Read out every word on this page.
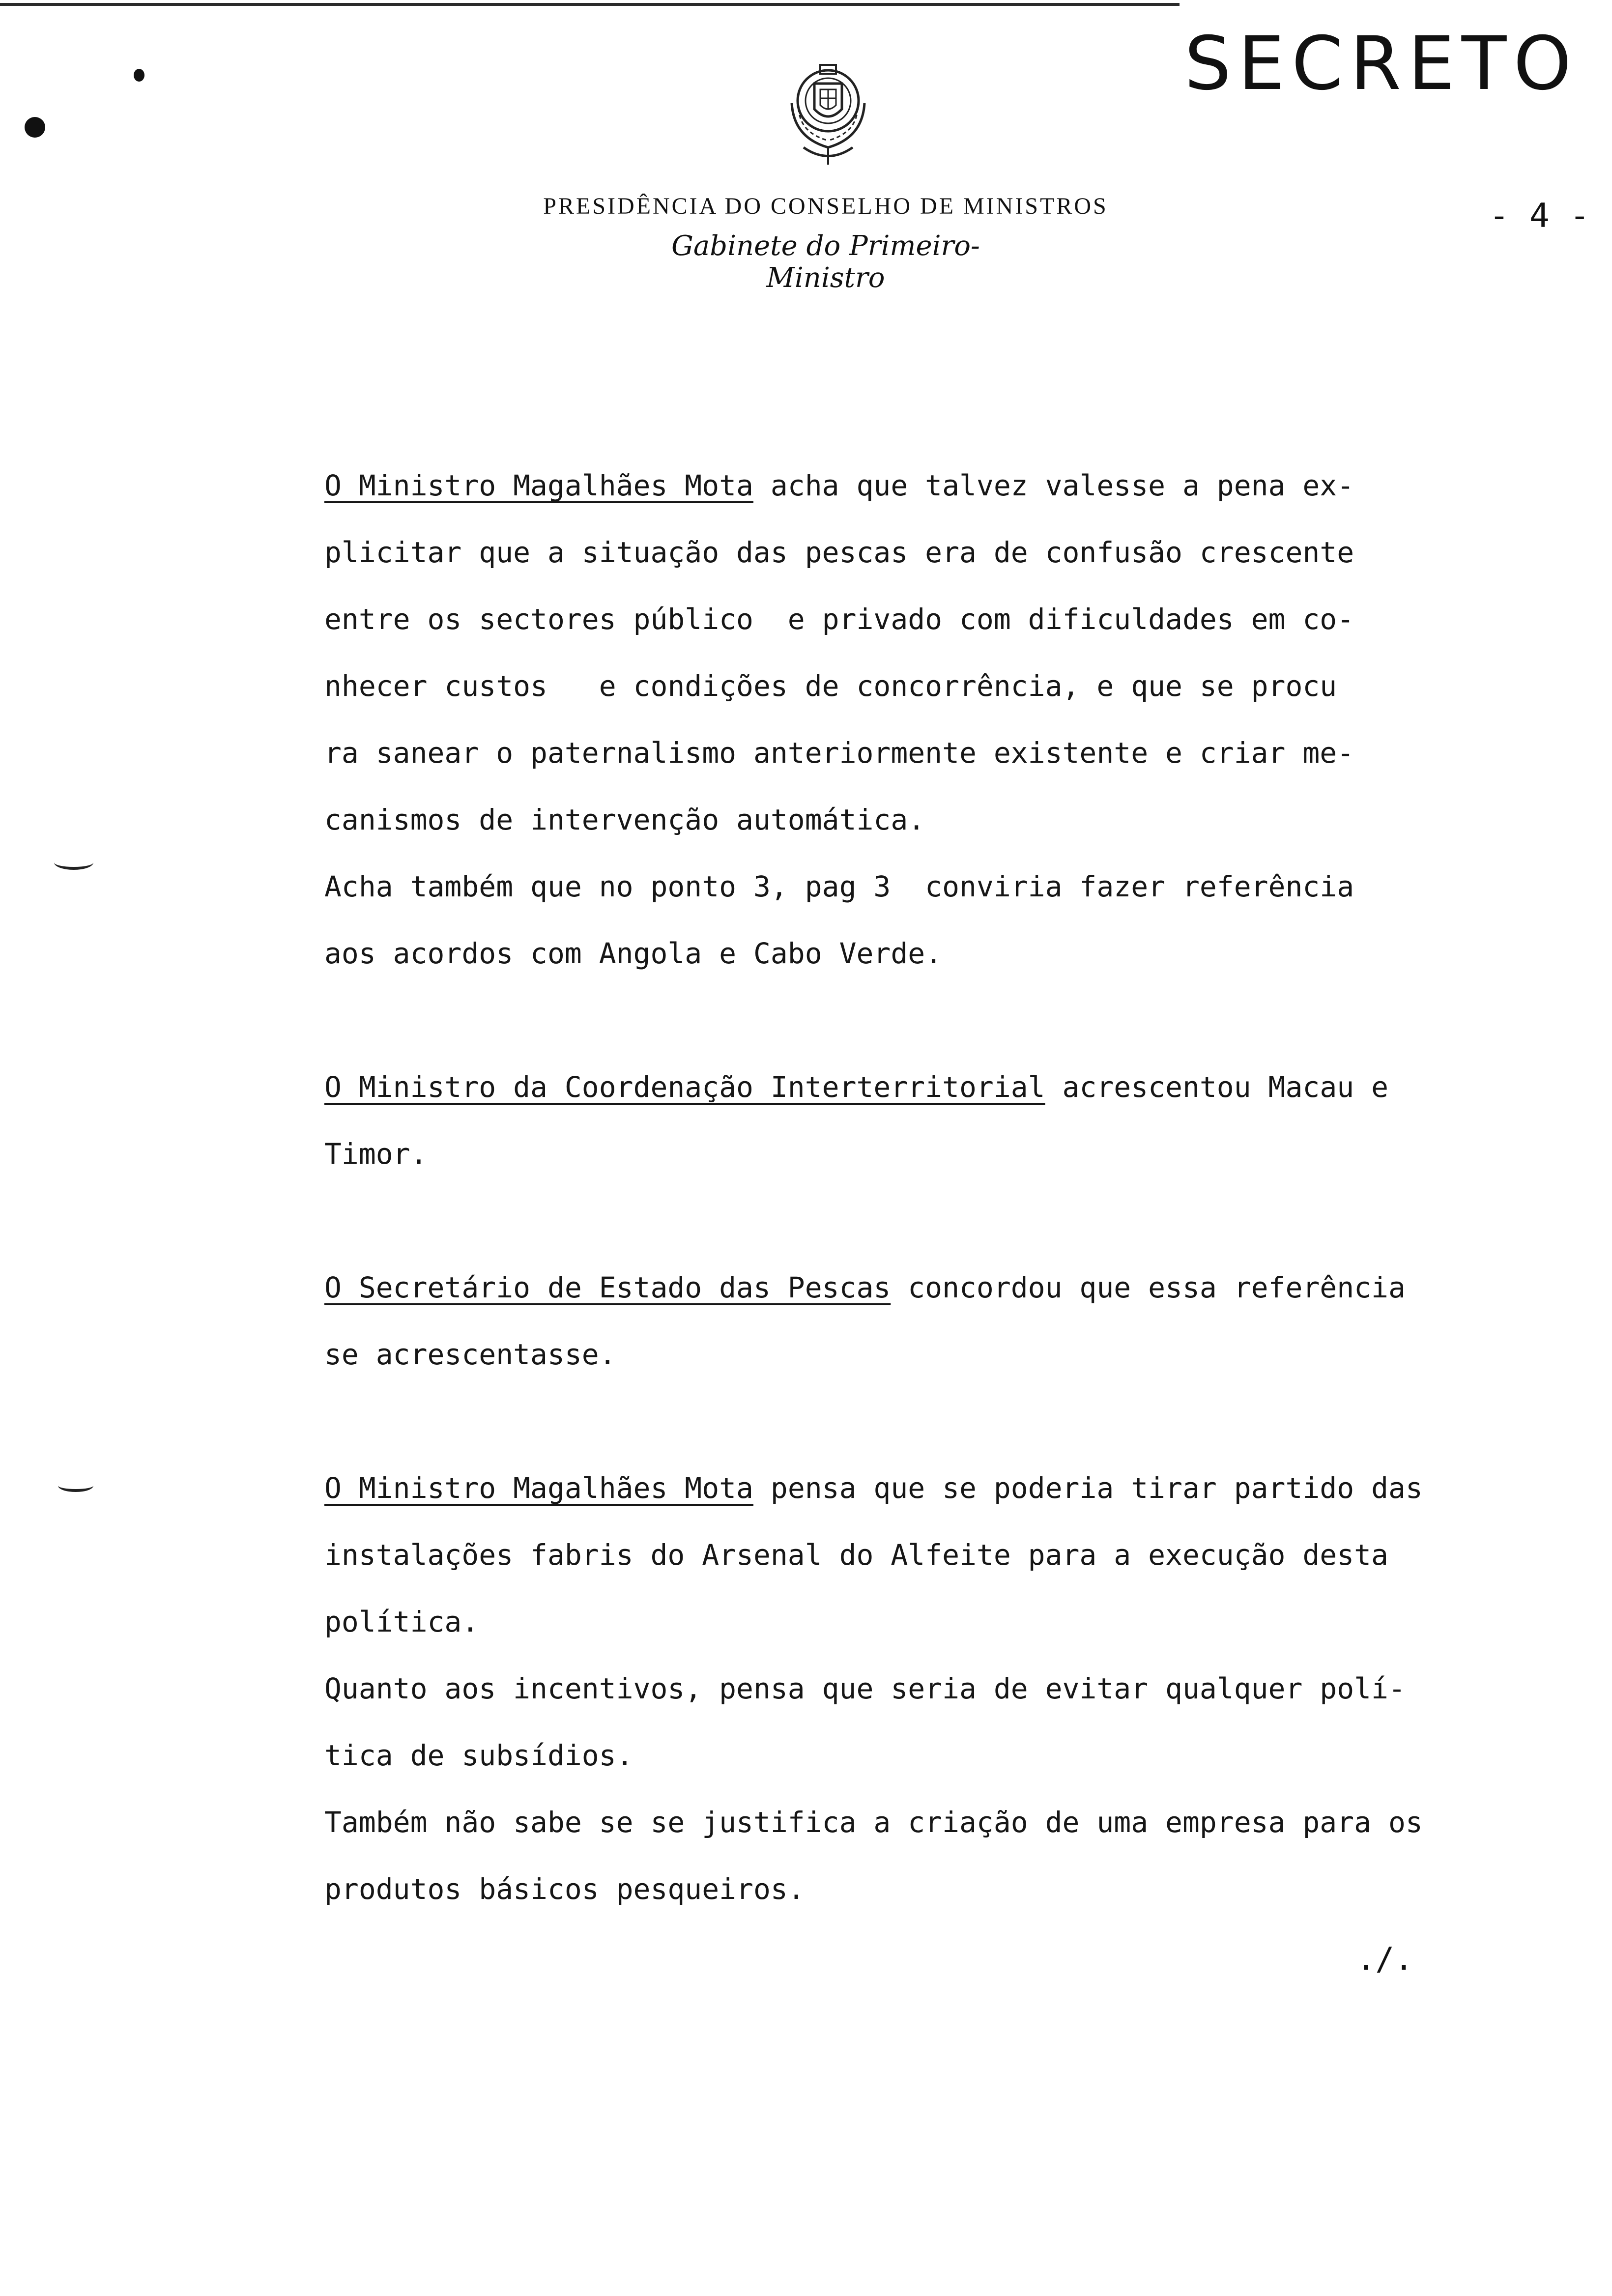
SECRETO
- 4 -
PRESIDÊNCIA DO CONSELHO DE MINISTROS
Gabinete do Primeiro-Ministro

O Ministro Magalhães Mota acha que talvez valesse a pena ex-

plicitar que a situação das pescas era de confusão crescente

entre os sectores público  e privado com dificuldades em co-

nhecer custos   e condições de concorrência, e que se procu

ra sanear o paternalismo anteriormente existente e criar me-

canismos de intervenção automática.

Acha também que no ponto 3, pag 3  conviria fazer referência

aos acordos com Angola e Cabo Verde.

O Ministro da Coordenação Interterritorial acrescentou Macau e

Timor.

O Secretário de Estado das Pescas concordou que essa referência

se acrescentasse.

O Ministro Magalhães Mota pensa que se poderia tirar partido das

instalações fabris do Arsenal do Alfeite para a execução desta

política.

Quanto aos incentivos, pensa que seria de evitar qualquer polí-

tica de subsídios.

Também não sabe se se justifica a criação de uma empresa para os

produtos básicos pesqueiros.

./.
